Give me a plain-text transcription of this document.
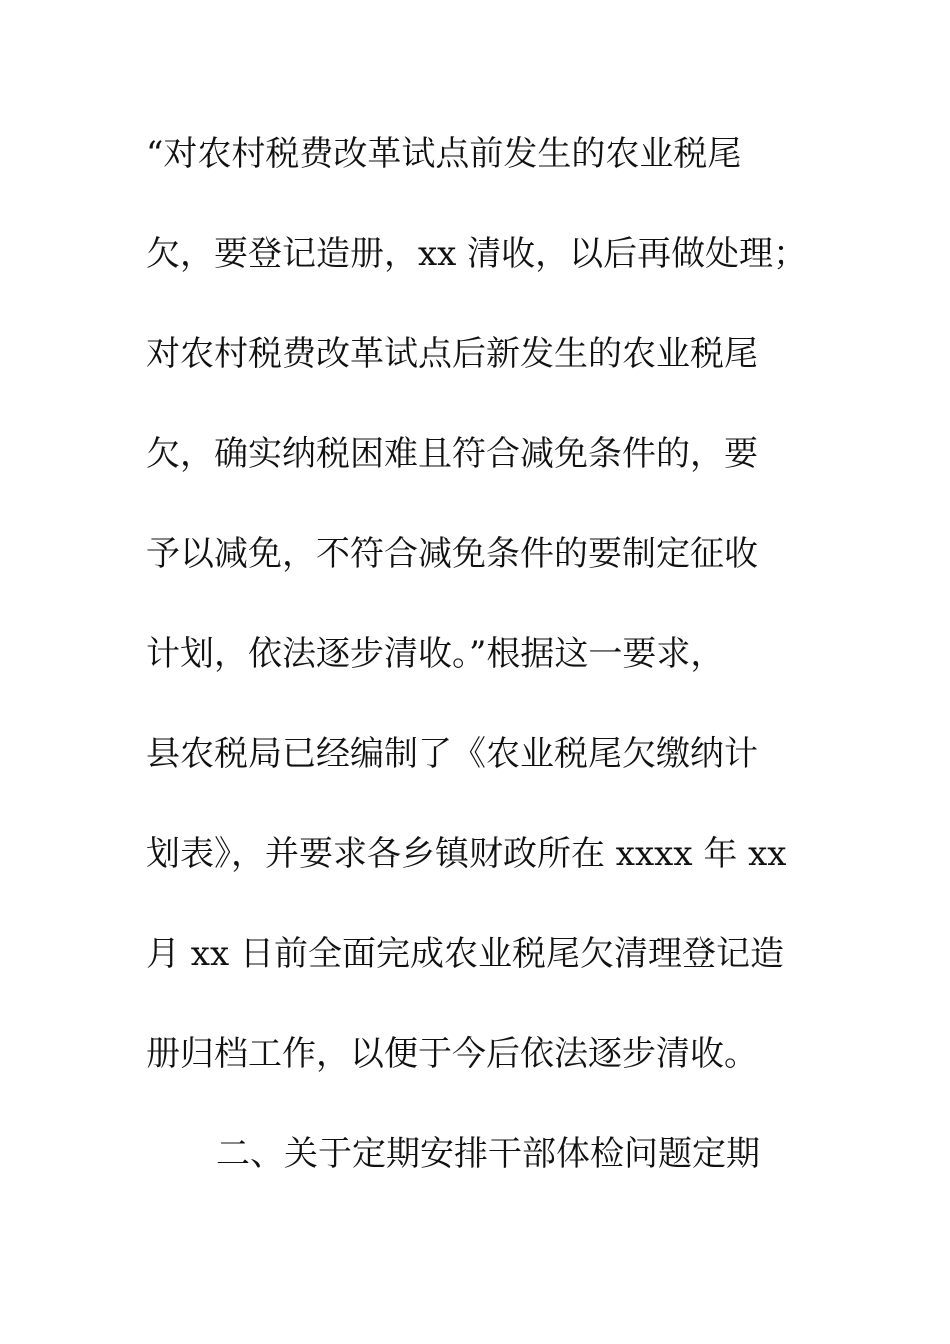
“对农村税费改革试点前发生的农业税尾
欠，要登记造册，xx 清收，以后再做处理；
对农村税费改革试点后新发生的农业税尾
欠，确实纳税困难且符合减免条件的，要
予以减免，不符合减免条件的要制定征收
计划，依法逐步清收。”根据这一要求，
县农税局已经编制了《农业税尾欠缴纳计
划表》，并要求各乡镇财政所在 xxxx 年 xx
月 xx 日前全面完成农业税尾欠清理登记造
册归档工作，以便于今后依法逐步清收。
二、关于定期安排干部体检问题定期
